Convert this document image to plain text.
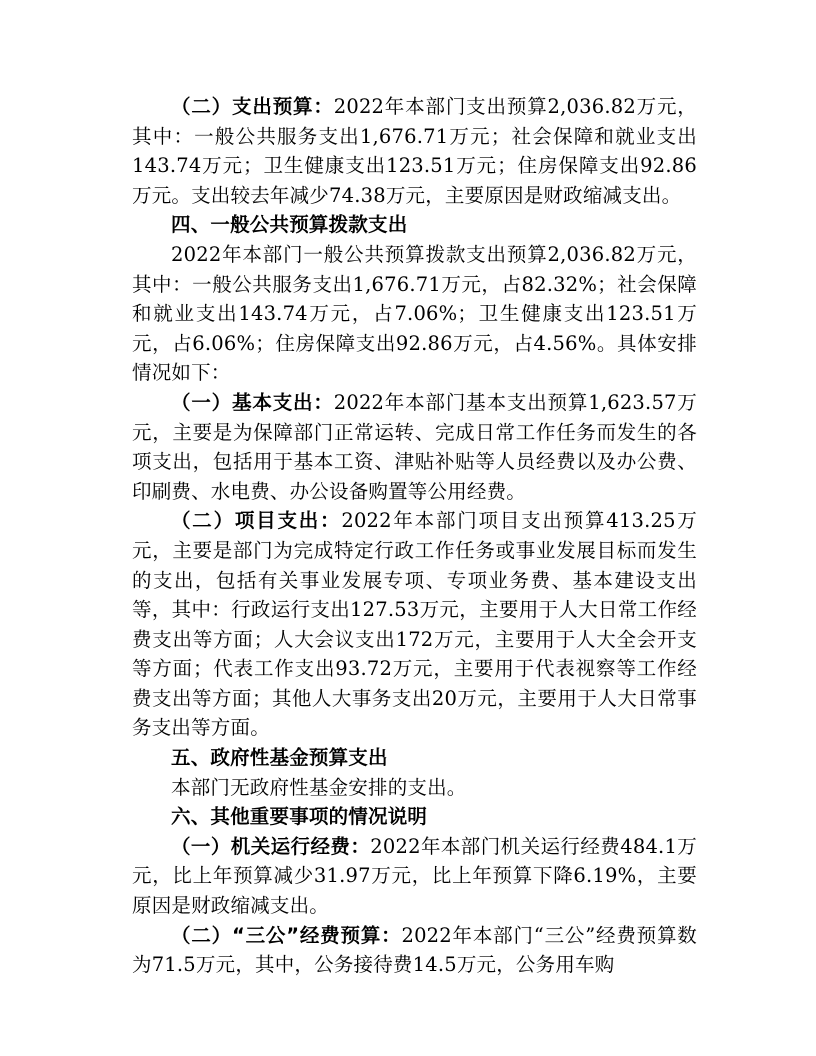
（二）支出预算：2022年本部门支出预算2,036.82万元，其中：一般公共服务支出1,676.71万元；社会保障和就业支出143.74万元；卫生健康支出123.51万元；住房保障支出92.86万元。支出较去年减少74.38万元，主要原因是财政缩减支出。

四、一般公共预算拨款支出

2022年本部门一般公共预算拨款支出预算2,036.82万元，其中：一般公共服务支出1,676.71万元，占82.32%；社会保障和就业支出143.74万元，占7.06%；卫生健康支出123.51万元，占6.06%；住房保障支出92.86万元，占4.56%。具体安排情况如下：

（一）基本支出：2022年本部门基本支出预算1,623.57万元，主要是为保障部门正常运转、完成日常工作任务而发生的各项支出，包括用于基本工资、津贴补贴等人员经费以及办公费、印刷费、水电费、办公设备购置等公用经费。

（二）项目支出：2022年本部门项目支出预算413.25万元，主要是部门为完成特定行政工作任务或事业发展目标而发生的支出，包括有关事业发展专项、专项业务费、基本建设支出等，其中：行政运行支出127.53万元，主要用于人大日常工作经费支出等方面；人大会议支出172万元，主要用于人大全会开支等方面；代表工作支出93.72万元，主要用于代表视察等工作经费支出等方面；其他人大事务支出20万元，主要用于人大日常事务支出等方面。

五、政府性基金预算支出

本部门无政府性基金安排的支出。

六、其他重要事项的情况说明

（一）机关运行经费：2022年本部门机关运行经费484.1万元，比上年预算减少31.97万元，比上年预算下降6.19%，主要原因是财政缩减支出。

（二）“三公”经费预算：2022年本部门“三公”经费预算数为71.5万元，其中，公务接待费14.5万元，公务用车购
